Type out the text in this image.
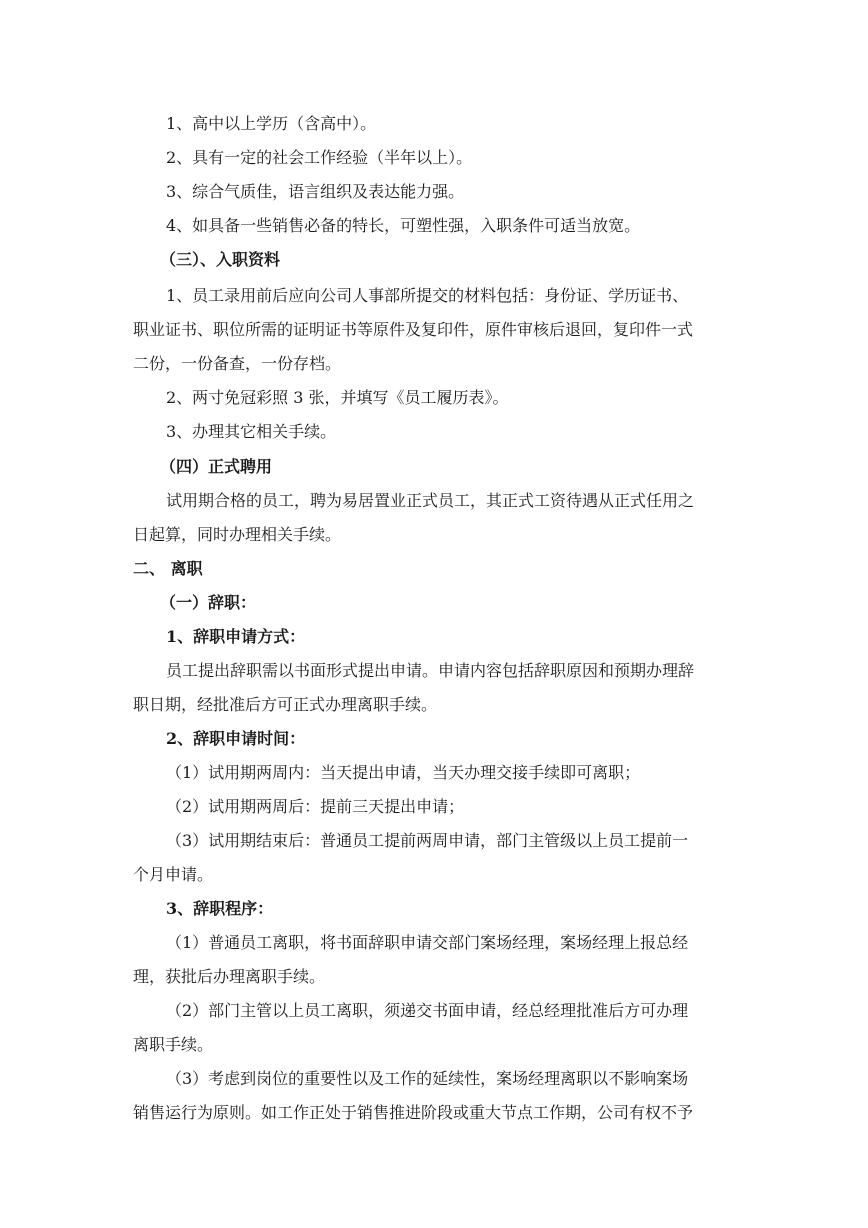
1、高中以上学历（含高中）。
2、具有一定的社会工作经验（半年以上）。
3、综合气质佳，语言组织及表达能力强。
4、如具备一些销售必备的特长，可塑性强，入职条件可适当放宽。
（三）、入职资料
1、员工录用前后应向公司人事部所提交的材料包括：身份证、学历证书、
职业证书、职位所需的证明证书等原件及复印件，原件审核后退回，复印件一式
二份，一份备查，一份存档。
2、两寸免冠彩照 3 张，并填写《员工履历表》。
3、办理其它相关手续。
（四）正式聘用
试用期合格的员工，聘为易居置业正式员工，其正式工资待遇从正式任用之
日起算，同时办理相关手续。
二、 离职
（一）辞职：
1、辞职申请方式：
员工提出辞职需以书面形式提出申请。申请内容包括辞职原因和预期办理辞
职日期，经批准后方可正式办理离职手续。
2、辞职申请时间：
（1）试用期两周内：当天提出申请，当天办理交接手续即可离职；
（2）试用期两周后：提前三天提出申请；
（3）试用期结束后：普通员工提前两周申请，部门主管级以上员工提前一
个月申请。
3、辞职程序：
（1）普通员工离职，将书面辞职申请交部门案场经理，案场经理上报总经
理，获批后办理离职手续。
（2）部门主管以上员工离职，须递交书面申请，经总经理批准后方可办理
离职手续。
（3）考虑到岗位的重要性以及工作的延续性，案场经理离职以不影响案场
销售运行为原则。如工作正处于销售推进阶段或重大节点工作期，公司有权不予
